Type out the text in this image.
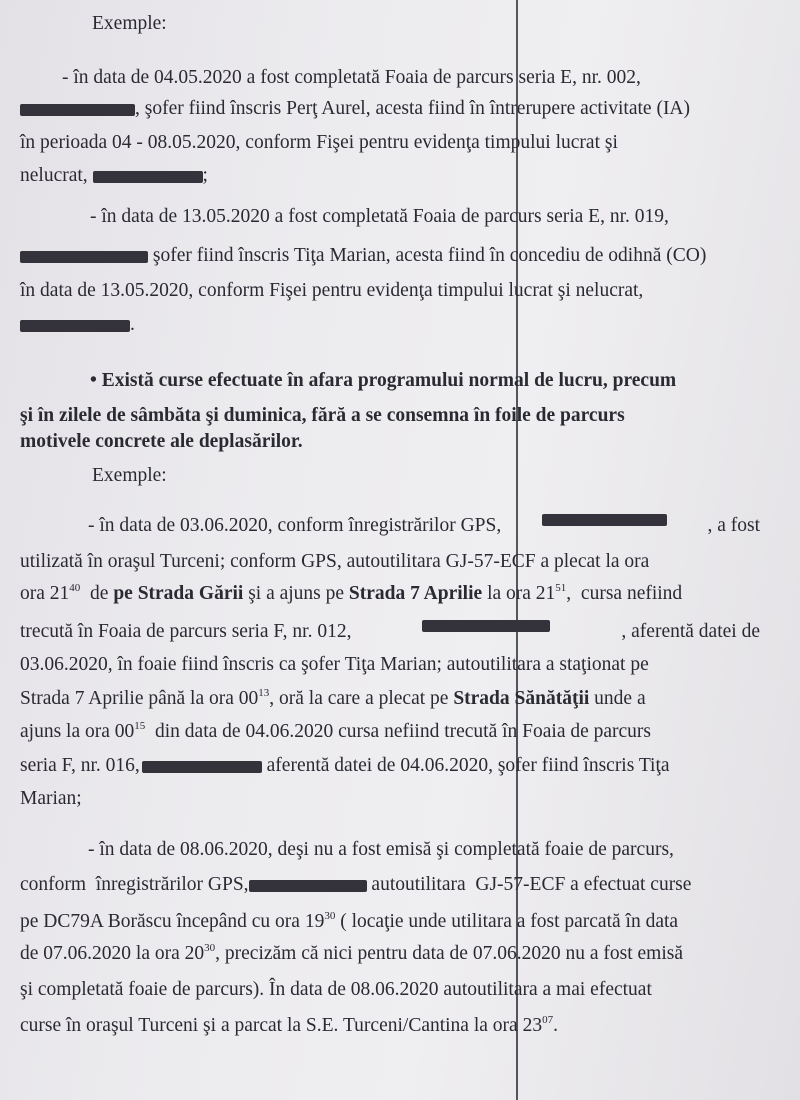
Exemple:
- în data de 04.05.2020 a fost completată Foaia de parcurs seria E, nr. 002,
, şofer fiind înscris Perţ Aurel, acesta fiind în întrerupere activitate (IA)
în perioada 04 - 08.05.2020, conform Fişei pentru evidenţa timpului lucrat şi
nelucrat,	;
- în data de 13.05.2020 a fost completată Foaia de parcurs seria E, nr. 019,
şofer fiind înscris Tiţa Marian, acesta fiind în concediu de odihnă (CO)
în data de 13.05.2020, conform Fişei pentru evidenţa timpului lucrat şi nelucrat,
.
• Există curse efectuate în afara programului normal de lucru, precum
şi în zilele de sâmbăta şi duminica, fără a se consemna în foile de parcurs
motivele concrete ale deplasărilor.
Exemple:
- în data de 03.06.2020, conform înregistrărilor GPS,	, a fost
utilizată în oraşul Turceni; conform GPS, autoutilitara GJ-57-ECF a plecat la ora
ora $21^{40}$  de pe Strada Gării şi a ajuns pe Strada 7 Aprilie la ora $21^{51}$,  cursa nefiind
trecută în Foaia de parcurs seria F, nr. 012,	, aferentă datei de
03.06.2020, în foaie fiind înscris ca şofer Tiţa Marian; autoutilitara a staţionat pe
Strada 7 Aprilie până la ora $00^{13}$, oră la care a plecat pe Strada Sănătăţii unde a
ajuns la ora $00^{15}$  din data de 04.06.2020 cursa nefiind trecută în Foaia de parcurs
seria F, nr. 016,	aferentă datei de 04.06.2020, şofer fiind înscris Tiţa
Marian;
- în data de 08.06.2020, deşi nu a fost emisă şi completată foaie de parcurs,
conform  înregistrărilor GPS,	autoutilitara  GJ-57-ECF a efectuat curse
pe DC79A Borăscu începând cu ora $19^{30}$ ( locaţie unde utilitara a fost parcată în data
de 07.06.2020 la ora $20^{30}$, precizăm că nici pentru data de 07.06.2020 nu a fost emisă
şi completată foaie de parcurs). În data de 08.06.2020 autoutilitara a mai efectuat
curse în oraşul Turceni şi a parcat la S.E. Turceni/Cantina la ora $23^{07}$.
